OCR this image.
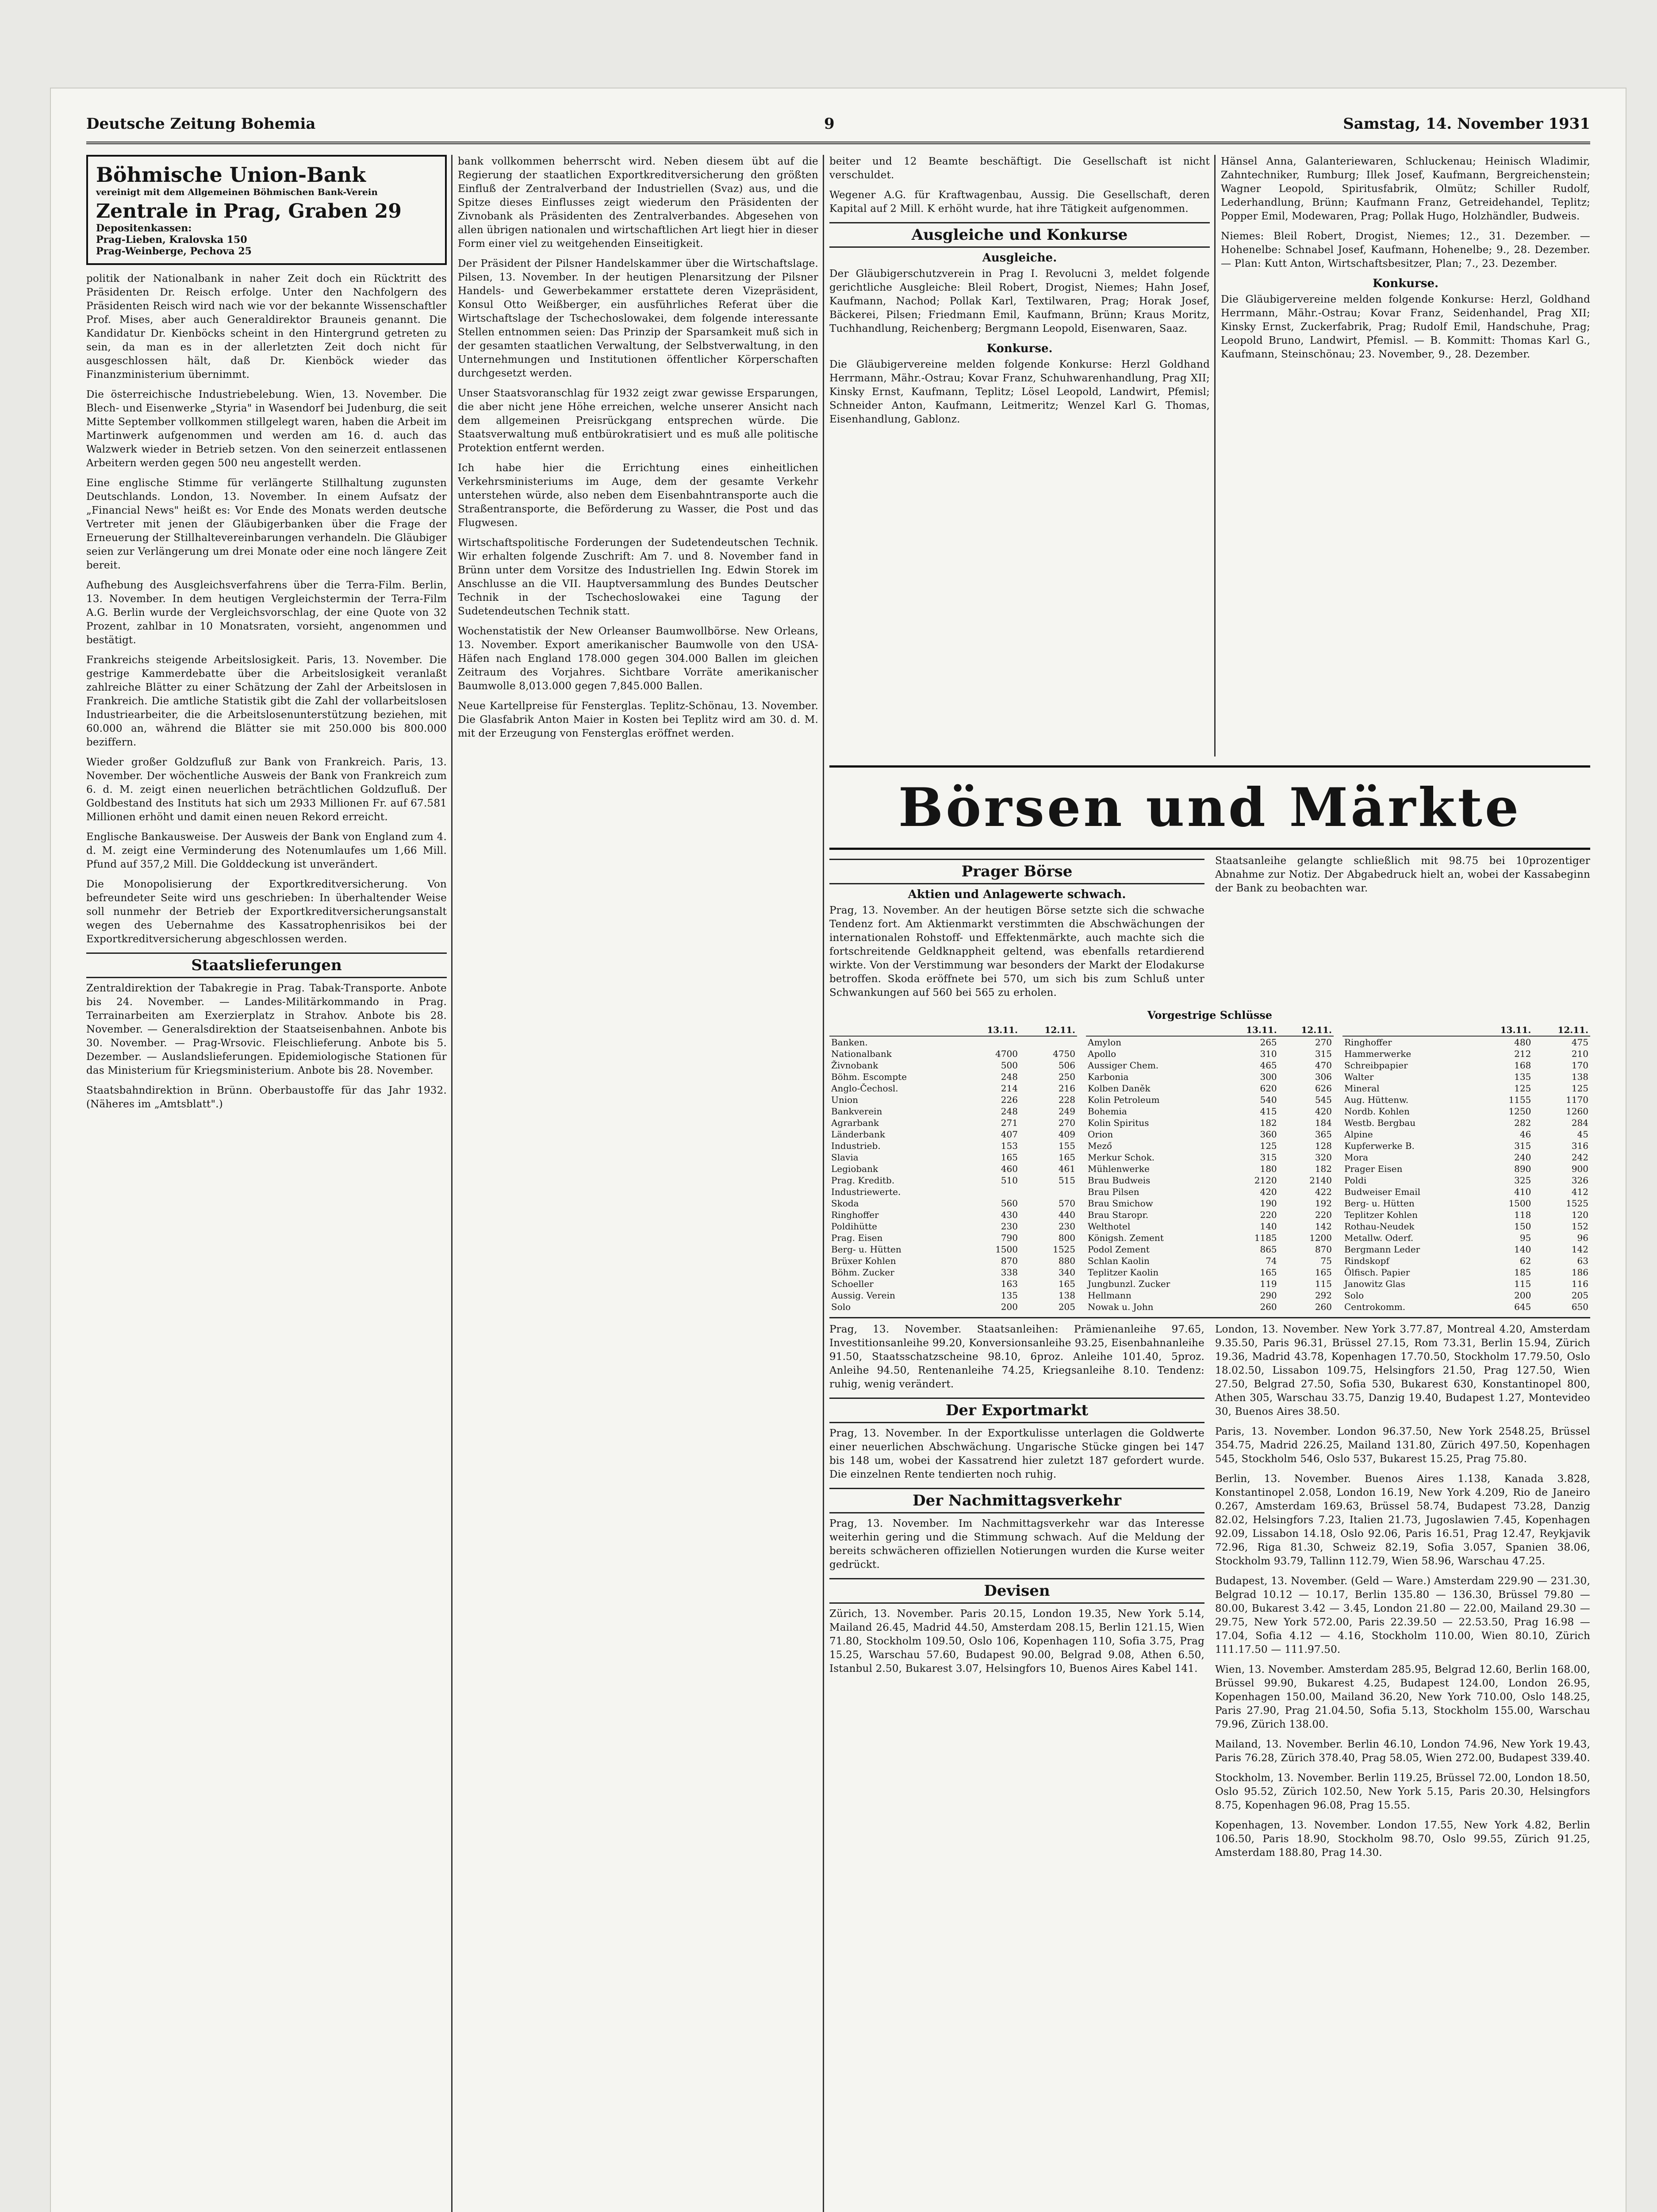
Deutsche Zeitung Bohemia	9	Samstag, 14. November 1931
Böhmische Union-Bank
vereinigt mit dem Allgemeinen Böhmischen Bank-Verein
Zentrale in Prag, Graben 29
Depositenkassen:
Prag-Lieben, Kralovska 150
Prag-Weinberge, Pechova 25

politik der Nationalbank in naher Zeit doch ein Rücktritt des Präsidenten Dr. Reisch erfolge. Unter den Nachfolgern des Präsidenten Reisch wird nach wie vor der bekannte Wissenschaftler Prof. Mises, aber auch Generaldirektor Brauneis genannt. Die Kandidatur Dr. Kienböcks scheint in den Hintergrund getreten zu sein, da man es in der allerletzten Zeit doch nicht für ausgeschlossen hält, daß Dr. Kienböck wieder das Finanzministerium übernimmt.

Die österreichische Industriebelebung. Wien, 13. November. Die Blech- und Eisenwerke „Styria" in Wasendorf bei Judenburg, die seit Mitte September vollkommen stillgelegt waren, haben die Arbeit im Martinwerk aufgenommen und werden am 16. d. auch das Walzwerk wieder in Betrieb setzen. Von den seinerzeit entlassenen Arbeitern werden gegen 500 neu angestellt werden.

Eine englische Stimme für verlängerte Stillhaltung zugunsten Deutschlands. London, 13. November. In einem Aufsatz der „Financial News" heißt es: Vor Ende des Monats werden deutsche Vertreter mit jenen der Gläubigerbanken über die Frage der Erneuerung der Stillhaltevereinbarungen verhandeln. Die Gläubiger seien zur Verlängerung um drei Monate oder eine noch längere Zeit bereit.

Aufhebung des Ausgleichsverfahrens über die Terra-Film. Berlin, 13. November. In dem heutigen Vergleichstermin der Terra-Film A.G. Berlin wurde der Vergleichsvorschlag, der eine Quote von 32 Prozent, zahlbar in 10 Monatsraten, vorsieht, angenommen und bestätigt.

Frankreichs steigende Arbeitslosigkeit. Paris, 13. November. Die gestrige Kammerdebatte über die Arbeitslosigkeit veranlaßt zahlreiche Blätter zu einer Schätzung der Zahl der Arbeitslosen in Frankreich. Die amtliche Statistik gibt die Zahl der vollarbeitslosen Industriearbeiter, die die Arbeitslosenunterstützung beziehen, mit 60.000 an, während die Blätter sie mit 250.000 bis 800.000 beziffern.

Wieder großer Goldzufluß zur Bank von Frankreich. Paris, 13. November. Der wöchentliche Ausweis der Bank von Frankreich zum 6. d. M. zeigt einen neuerlichen beträchtlichen Goldzufluß. Der Goldbestand des Instituts hat sich um 2933 Millionen Fr. auf 67.581 Millionen erhöht und damit einen neuen Rekord erreicht.

Englische Bankausweise. Der Ausweis der Bank von England zum 4. d. M. zeigt eine Verminderung des Notenumlaufes um 1,66 Mill. Pfund auf 357,2 Mill. Die Golddeckung ist unverändert.

Die Monopolisierung der Exportkreditversicherung. Von befreundeter Seite wird uns geschrieben: In überhaltender Weise soll nunmehr der Betrieb der Exportkreditversicherungsanstalt wegen des Uebernahme des Kassatrophenrisikos bei der Exportkreditversicherung abgeschlossen werden.

Staatslieferungen

Zentraldirektion der Tabakregie in Prag. Tabak-Transporte. Anbote bis 24. November. — Landes-Militärkommando in Prag. Terrainarbeiten am Exerzierplatz in Strahov. Anbote bis 28. November. — Generalsdirektion der Staatseisenbahnen. Anbote bis 30. November. — Prag-Wrsovic. Fleischlieferung. Anbote bis 5. Dezember. — Auslandslieferungen. Epidemiologische Stationen für das Ministerium für Kriegsministerium. Anbote bis 28. November.

Staatsbahndirektion in Brünn. Oberbaustoffe für das Jahr 1932. (Näheres im „Amtsblatt".)

bank vollkommen beherrscht wird. Neben diesem übt auf die Regierung der staatlichen Exportkreditversicherung den größten Einfluß der Zentralverband der Industriellen (Svaz) aus, und die Spitze dieses Einflusses zeigt wiederum den Präsidenten der Zivnobank als Präsidenten des Zentralverbandes. Abgesehen von allen übrigen nationalen und wirtschaftlichen Art liegt hier in dieser Form einer viel zu weitgehenden Einseitigkeit.

Der Präsident der Pilsner Handelskammer über die Wirtschaftslage. Pilsen, 13. November. In der heutigen Plenarsitzung der Pilsner Handels- und Gewerbekammer erstattete deren Vizepräsident, Konsul Otto Weißberger, ein ausführliches Referat über die Wirtschaftslage der Tschechoslowakei, dem folgende interessante Stellen entnommen seien: Das Prinzip der Sparsamkeit muß sich in der gesamten staatlichen Verwaltung, der Selbstverwaltung, in den Unternehmungen und Institutionen öffentlicher Körperschaften durchgesetzt werden.

Unser Staatsvoranschlag für 1932 zeigt zwar gewisse Ersparungen, die aber nicht jene Höhe erreichen, welche unserer Ansicht nach dem allgemeinen Preisrückgang entsprechen würde. Die Staatsverwaltung muß entbürokratisiert und es muß alle politische Protektion entfernt werden.

Ich habe hier die Errichtung eines einheitlichen Verkehrsministeriums im Auge, dem der gesamte Verkehr unterstehen würde, also neben dem Eisenbahntransporte auch die Straßentransporte, die Beförderung zu Wasser, die Post und das Flugwesen.

Wirtschaftspolitische Forderungen der Sudetendeutschen Technik. Wir erhalten folgende Zuschrift: Am 7. und 8. November fand in Brünn unter dem Vorsitze des Industriellen Ing. Edwin Storek im Anschlusse an die VII. Hauptversammlung des Bundes Deutscher Technik in der Tschechoslowakei eine Tagung der Sudetendeutschen Technik statt.

Wochenstatistik der New Orleanser Baumwollbörse. New Orleans, 13. November. Export amerikanischer Baumwolle von den USA-Häfen nach England 178.000 gegen 304.000 Ballen im gleichen Zeitraum des Vorjahres. Sichtbare Vorräte amerikanischer Baumwolle 8,013.000 gegen 7,845.000 Ballen.

Neue Kartellpreise für Fensterglas. Teplitz-Schönau, 13. November. Die Glasfabrik Anton Maier in Kosten bei Teplitz wird am 30. d. M. mit der Erzeugung von Fensterglas eröffnet werden.

beiter und 12 Beamte beschäftigt. Die Gesellschaft ist nicht verschuldet.

Wegener A.G. für Kraftwagenbau, Aussig. Die Gesellschaft, deren Kapital auf 2 Mill. K erhöht wurde, hat ihre Tätigkeit aufgenommen.

Ausgleiche und Konkurse
Ausgleiche.

Der Gläubigerschutzverein in Prag I. Revolucni 3, meldet folgende gerichtliche Ausgleiche: Bleil Robert, Drogist, Niemes; Hahn Josef, Kaufmann, Nachod; Pollak Karl, Textilwaren, Prag; Horak Josef, Bäckerei, Pilsen; Friedmann Emil, Kaufmann, Brünn; Kraus Moritz, Tuchhandlung, Reichenberg; Bergmann Leopold, Eisenwaren, Saaz.

Konkurse.

Die Gläubigervereine melden folgende Konkurse: Herzl Goldhand Herrmann, Mähr.-Ostrau; Kovar Franz, Schuhwarenhandlung, Prag XII; Kinsky Ernst, Kaufmann, Teplitz; Lösel Leopold, Landwirt, Pfemisl; Schneider Anton, Kaufmann, Leitmeritz; Wenzel Karl G. Thomas, Eisenhandlung, Gablonz.

Hänsel Anna, Galanteriewaren, Schluckenau; Heinisch Wladimir, Zahntechniker, Rumburg; Illek Josef, Kaufmann, Bergreichenstein; Wagner Leopold, Spiritusfabrik, Olmütz; Schiller Rudolf, Lederhandlung, Brünn; Kaufmann Franz, Getreidehandel, Teplitz; Popper Emil, Modewaren, Prag; Pollak Hugo, Holzhändler, Budweis.

Niemes: Bleil Robert, Drogist, Niemes; 12., 31. Dezember. — Hohenelbe: Schnabel Josef, Kaufmann, Hohenelbe; 9., 28. Dezember. — Plan: Kutt Anton, Wirtschaftsbesitzer, Plan; 7., 23. Dezember.

Konkurse.

Die Gläubigervereine melden folgende Konkurse: Herzl, Goldhand Herrmann, Mähr.-Ostrau; Kovar Franz, Seidenhandel, Prag XII; Kinsky Ernst, Zuckerfabrik, Prag; Rudolf Emil, Handschuhe, Prag; Leopold Bruno, Landwirt, Pfemisl. — B. Kommitt: Thomas Karl G., Kaufmann, Steinschönau; 23. November, 9., 28. Dezember.

Börsen und Märkte
Prager Börse
Aktien und Anlagewerte schwach.

Prag, 13. November. An der heutigen Börse setzte sich die schwache Tendenz fort. Am Aktienmarkt verstimmten die Abschwächungen der internationalen Rohstoff- und Effektenmärkte, auch machte sich die fortschreitende Geldknappheit geltend, was ebenfalls retardierend wirkte. Von der Verstimmung war besonders der Markt der Elodakurse betroffen. Skoda eröffnete bei 570, um sich bis zum Schluß unter Schwankungen auf 560 bei 565 zu erholen.

Staatsanleihe gelangte schließlich mit 98.75 bei 10prozentiger Abnahme zur Notiz. Der Abgabedruck hielt an, wobei der Kassabeginn der Bank zu beobachten war.

Vorgestrige Schlüsse
	13.11.	12.11.
Banken.		
Nationalbank	4700	4750
Živnobank	500	506
Böhm. Escompte	248	250
Anglo-Čechosl.	214	216
Union	226	228
Bankverein	248	249
Agrarbank	271	270
Länderbank	407	409
Industrieb.	153	155
Slavia	165	165
Legiobank	460	461
Prag. Kreditb.	510	515
Industriewerte.		
Skoda	560	570
Ringhoffer	430	440
Poldihütte	230	230
Prag. Eisen	790	800
Berg- u. Hütten	1500	1525
Brüxer Kohlen	870	880
Böhm. Zucker	338	340
Schoeller	163	165
Aussig. Verein	135	138
Solo	200	205
	13.11.	12.11.
Amylon	265	270
Apollo	310	315
Aussiger Chem.	465	470
Karbonia	300	306
Kolben Daněk	620	626
Kolin Petroleum	540	545
Bohemia	415	420
Kolin Spiritus	182	184
Orion	360	365
Mező	125	128
Merkur Schok.	315	320
Mühlenwerke	180	182
Brau Budweis	2120	2140
Brau Pilsen	420	422
Brau Smichow	190	192
Brau Staropr.	220	220
Welthotel	140	142
Königsh. Zement	1185	1200
Podol Zement	865	870
Schlan Kaolin	74	75
Teplitzer Kaolin	165	165
Jungbunzl. Zucker	119	115
Hellmann	290	292
Nowak u. John	260	260
	13.11.	12.11.
Ringhoffer	480	475
Hammerwerke	212	210
Schreibpapier	168	170
Walter	135	138
Mineral	125	125
Aug. Hüttenw.	1155	1170
Nordb. Kohlen	1250	1260
Westb. Bergbau	282	284
Alpine	46	45
Kupferwerke B.	315	316
Mora	240	242
Prager Eisen	890	900
Poldi	325	326
Budweiser Email	410	412
Berg- u. Hütten	1500	1525
Teplitzer Kohlen	118	120
Rothau-Neudek	150	152
Metallw. Oderf.	95	96
Bergmann Leder	140	142
Rindskopf	62	63
Ölfisch. Papier	185	186
Janowitz Glas	115	116
Solo	200	205
Centrokomm.	645	650

Prag, 13. November. Staatsanleihen: Prämienanleihe 97.65, Investitionsanleihe 99.20, Konversionsanleihe 93.25, Eisenbahnanleihe 91.50, Staatsschatzscheine 98.10, 6proz. Anleihe 101.40, 5proz. Anleihe 94.50, Rentenanleihe 74.25, Kriegsanleihe 8.10. Tendenz: ruhig, wenig verändert.

Der Exportmarkt

Prag, 13. November. In der Exportkulisse unterlagen die Goldwerte einer neuerlichen Abschwächung. Ungarische Stücke gingen bei 147 bis 148 um, wobei der Kassatrend hier zuletzt 187 gefordert wurde. Die einzelnen Rente tendierten noch ruhig.

Der Nachmittagsverkehr

Prag, 13. November. Im Nachmittagsverkehr war das Interesse weiterhin gering und die Stimmung schwach. Auf die Meldung der bereits schwächeren offiziellen Notierungen wurden die Kurse weiter gedrückt.

Devisen

Zürich, 13. November. Paris 20.15, London 19.35, New York 5.14, Mailand 26.45, Madrid 44.50, Amsterdam 208.15, Berlin 121.15, Wien 71.80, Stockholm 109.50, Oslo 106, Kopenhagen 110, Sofia 3.75, Prag 15.25, Warschau 57.60, Budapest 90.00, Belgrad 9.08, Athen 6.50, Istanbul 2.50, Bukarest 3.07, Helsingfors 10, Buenos Aires Kabel 141.

London, 13. November. New York 3.77.87, Montreal 4.20, Amsterdam 9.35.50, Paris 96.31, Brüssel 27.15, Rom 73.31, Berlin 15.94, Zürich 19.36, Madrid 43.78, Kopenhagen 17.70.50, Stockholm 17.79.50, Oslo 18.02.50, Lissabon 109.75, Helsingfors 21.50, Prag 127.50, Wien 27.50, Belgrad 27.50, Sofia 530, Bukarest 630, Konstantinopel 800, Athen 305, Warschau 33.75, Danzig 19.40, Budapest 1.27, Montevideo 30, Buenos Aires 38.50.

Paris, 13. November. London 96.37.50, New York 2548.25, Brüssel 354.75, Madrid 226.25, Mailand 131.80, Zürich 497.50, Kopenhagen 545, Stockholm 546, Oslo 537, Bukarest 15.25, Prag 75.80.

Berlin, 13. November. Buenos Aires 1.138, Kanada 3.828, Konstantinopel 2.058, London 16.19, New York 4.209, Rio de Janeiro 0.267, Amsterdam 169.63, Brüssel 58.74, Budapest 73.28, Danzig 82.02, Helsingfors 7.23, Italien 21.73, Jugoslawien 7.45, Kopenhagen 92.09, Lissabon 14.18, Oslo 92.06, Paris 16.51, Prag 12.47, Reykjavik 72.96, Riga 81.30, Schweiz 82.19, Sofia 3.057, Spanien 38.06, Stockholm 93.79, Tallinn 112.79, Wien 58.96, Warschau 47.25.

Budapest, 13. November. (Geld — Ware.) Amsterdam 229.90 — 231.30, Belgrad 10.12 — 10.17, Berlin 135.80 — 136.30, Brüssel 79.80 — 80.00, Bukarest 3.42 — 3.45, London 21.80 — 22.00, Mailand 29.30 — 29.75, New York 572.00, Paris 22.39.50 — 22.53.50, Prag 16.98 — 17.04, Sofia 4.12 — 4.16, Stockholm 110.00, Wien 80.10, Zürich 111.17.50 — 111.97.50.

Wien, 13. November. Amsterdam 285.95, Belgrad 12.60, Berlin 168.00, Brüssel 99.90, Bukarest 4.25, Budapest 124.00, London 26.95, Kopenhagen 150.00, Mailand 36.20, New York 710.00, Oslo 148.25, Paris 27.90, Prag 21.04.50, Sofia 5.13, Stockholm 155.00, Warschau 79.96, Zürich 138.00.

Mailand, 13. November. Berlin 46.10, London 74.96, New York 19.43, Paris 76.28, Zürich 378.40, Prag 58.05, Wien 272.00, Budapest 339.40.

Stockholm, 13. November. Berlin 119.25, Brüssel 72.00, London 18.50, Oslo 95.52, Zürich 102.50, New York 5.15, Paris 20.30, Helsingfors 8.75, Kopenhagen 96.08, Prag 15.55.

Kopenhagen, 13. November. London 17.55, New York 4.82, Berlin 106.50, Paris 18.90, Stockholm 98.70, Oslo 99.55, Zürich 91.25, Amsterdam 188.80, Prag 14.30.
